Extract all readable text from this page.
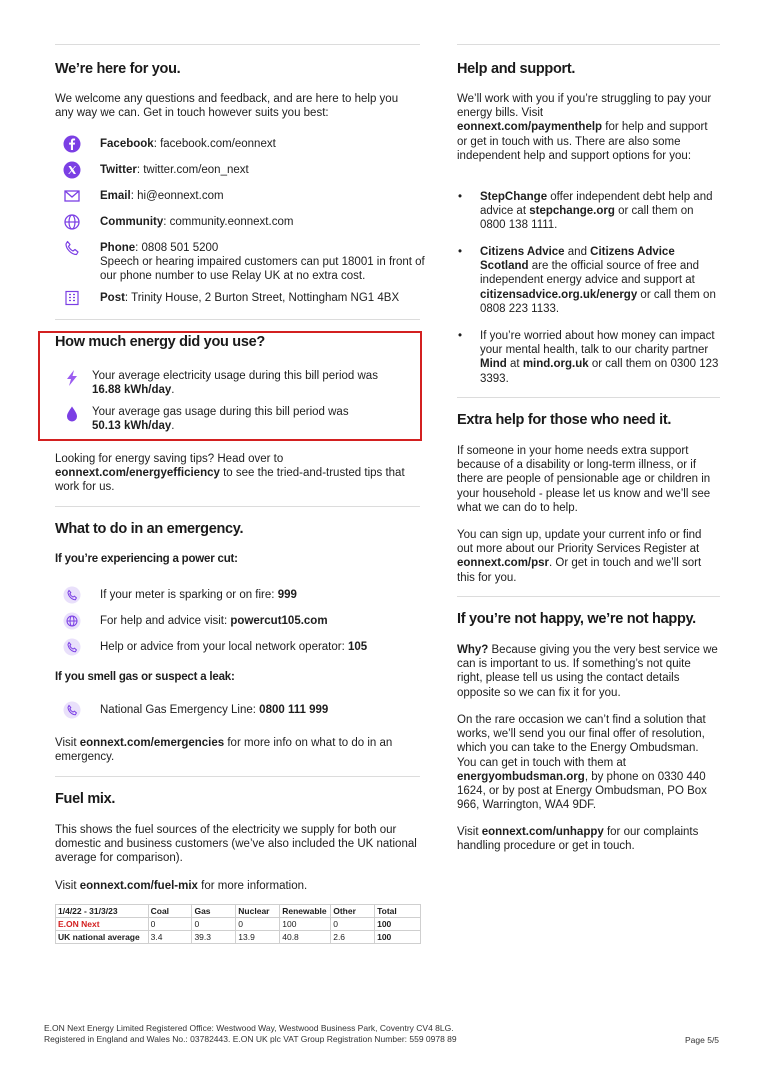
We’re here for you.

We welcome any questions and feedback, and are here to help you any way we can. Get in touch however suits you best:

Facebook: facebook.com/eonnext
Twitter: twitter.com/eon_next
Email: hi@eonnext.com
Community: community.eonnext.com
Phone: 0808 501 5200
Speech or hearing impaired customers can put 18001 in front of our phone number to use Relay UK at no extra cost.
Post: Trinity House, 2 Burton Street, Nottingham NG1 4BX
How much energy did you use?

Your average electricity usage during this bill period was
16.88 kWh/day.

Your average gas usage during this bill period was
50.13 kWh/day.

Looking for energy saving tips? Head over to
eonnext.com/energyefficiency to see the tried-and-trusted tips that work for us.

What to do in an emergency.
If you’re experiencing a power cut:
If your meter is sparking or on fire: 999
For help and advice visit: powercut105.com
Help or advice from your local network operator: 105
If you smell gas or suspect a leak:
National Gas Emergency Line: 0800 111 999

Visit eonnext.com/emergencies for more info on what to do in an emergency.

Fuel mix.

This shows the fuel sources of the electricity we supply for both our domestic and business customers (we’ve also included the UK national average for comparison).

Visit eonnext.com/fuel-mix for more information.

1/4/22 - 31/3/23	Coal	Gas	Nuclear	Renewable	Other	Total
E.ON Next	0	0	0	100	0	100
UK national average	3.4	39.3	13.9	40.8	2.6	100
Help and support.

We’ll work with you if you’re struggling to pay your energy bills. Visit
eonnext.com/paymenthelp for help and support or get in touch with us. There are also some independent help and support options for you:

•	StepChange offer independent debt help and advice at stepchange.org or call them on 0800 138 1111.

•	Citizens Advice and Citizens Advice Scotland are the official source of free and independent energy advice and support at citizensadvice.org.uk/energy or call them on 0808 223 1133.

•	If you’re worried about how money can impact your mental health, talk to our charity partner Mind at mind.org.uk or call them on 0300 123 3393.

Extra help for those who need it.

If someone in your home needs extra support because of a disability or long-term illness, or if there are people of pensionable age or children in your household - please let us know and we’ll see what we can do to help.

You can sign up, update your current info or find out more about our Priority Services Register at eonnext.com/psr. Or get in touch and we’ll sort this for you.

If you’re not happy, we’re not happy.

Why? Because giving you the very best service we can is important to us. If something’s not quite right, please tell us using the contact details opposite so we can fix it for you.

On the rare occasion we can’t find a solution that works, we’ll send you our final offer of resolution, which you can take to the Energy Ombudsman. You can get in touch with them at energyombudsman.org, by phone on 0330 440 1624, or by post at Energy Ombudsman, PO Box 966, Warrington, WA4 9DF.

Visit eonnext.com/unhappy for our complaints handling procedure or get in touch.

E.ON Next Energy Limited Registered Office: Westwood Way, Westwood Business Park, Coventry CV4 8LG.
Registered in England and Wales No.: 03782443. E.ON UK plc VAT Group Registration Number: 559 0978 89	Page 5/5
